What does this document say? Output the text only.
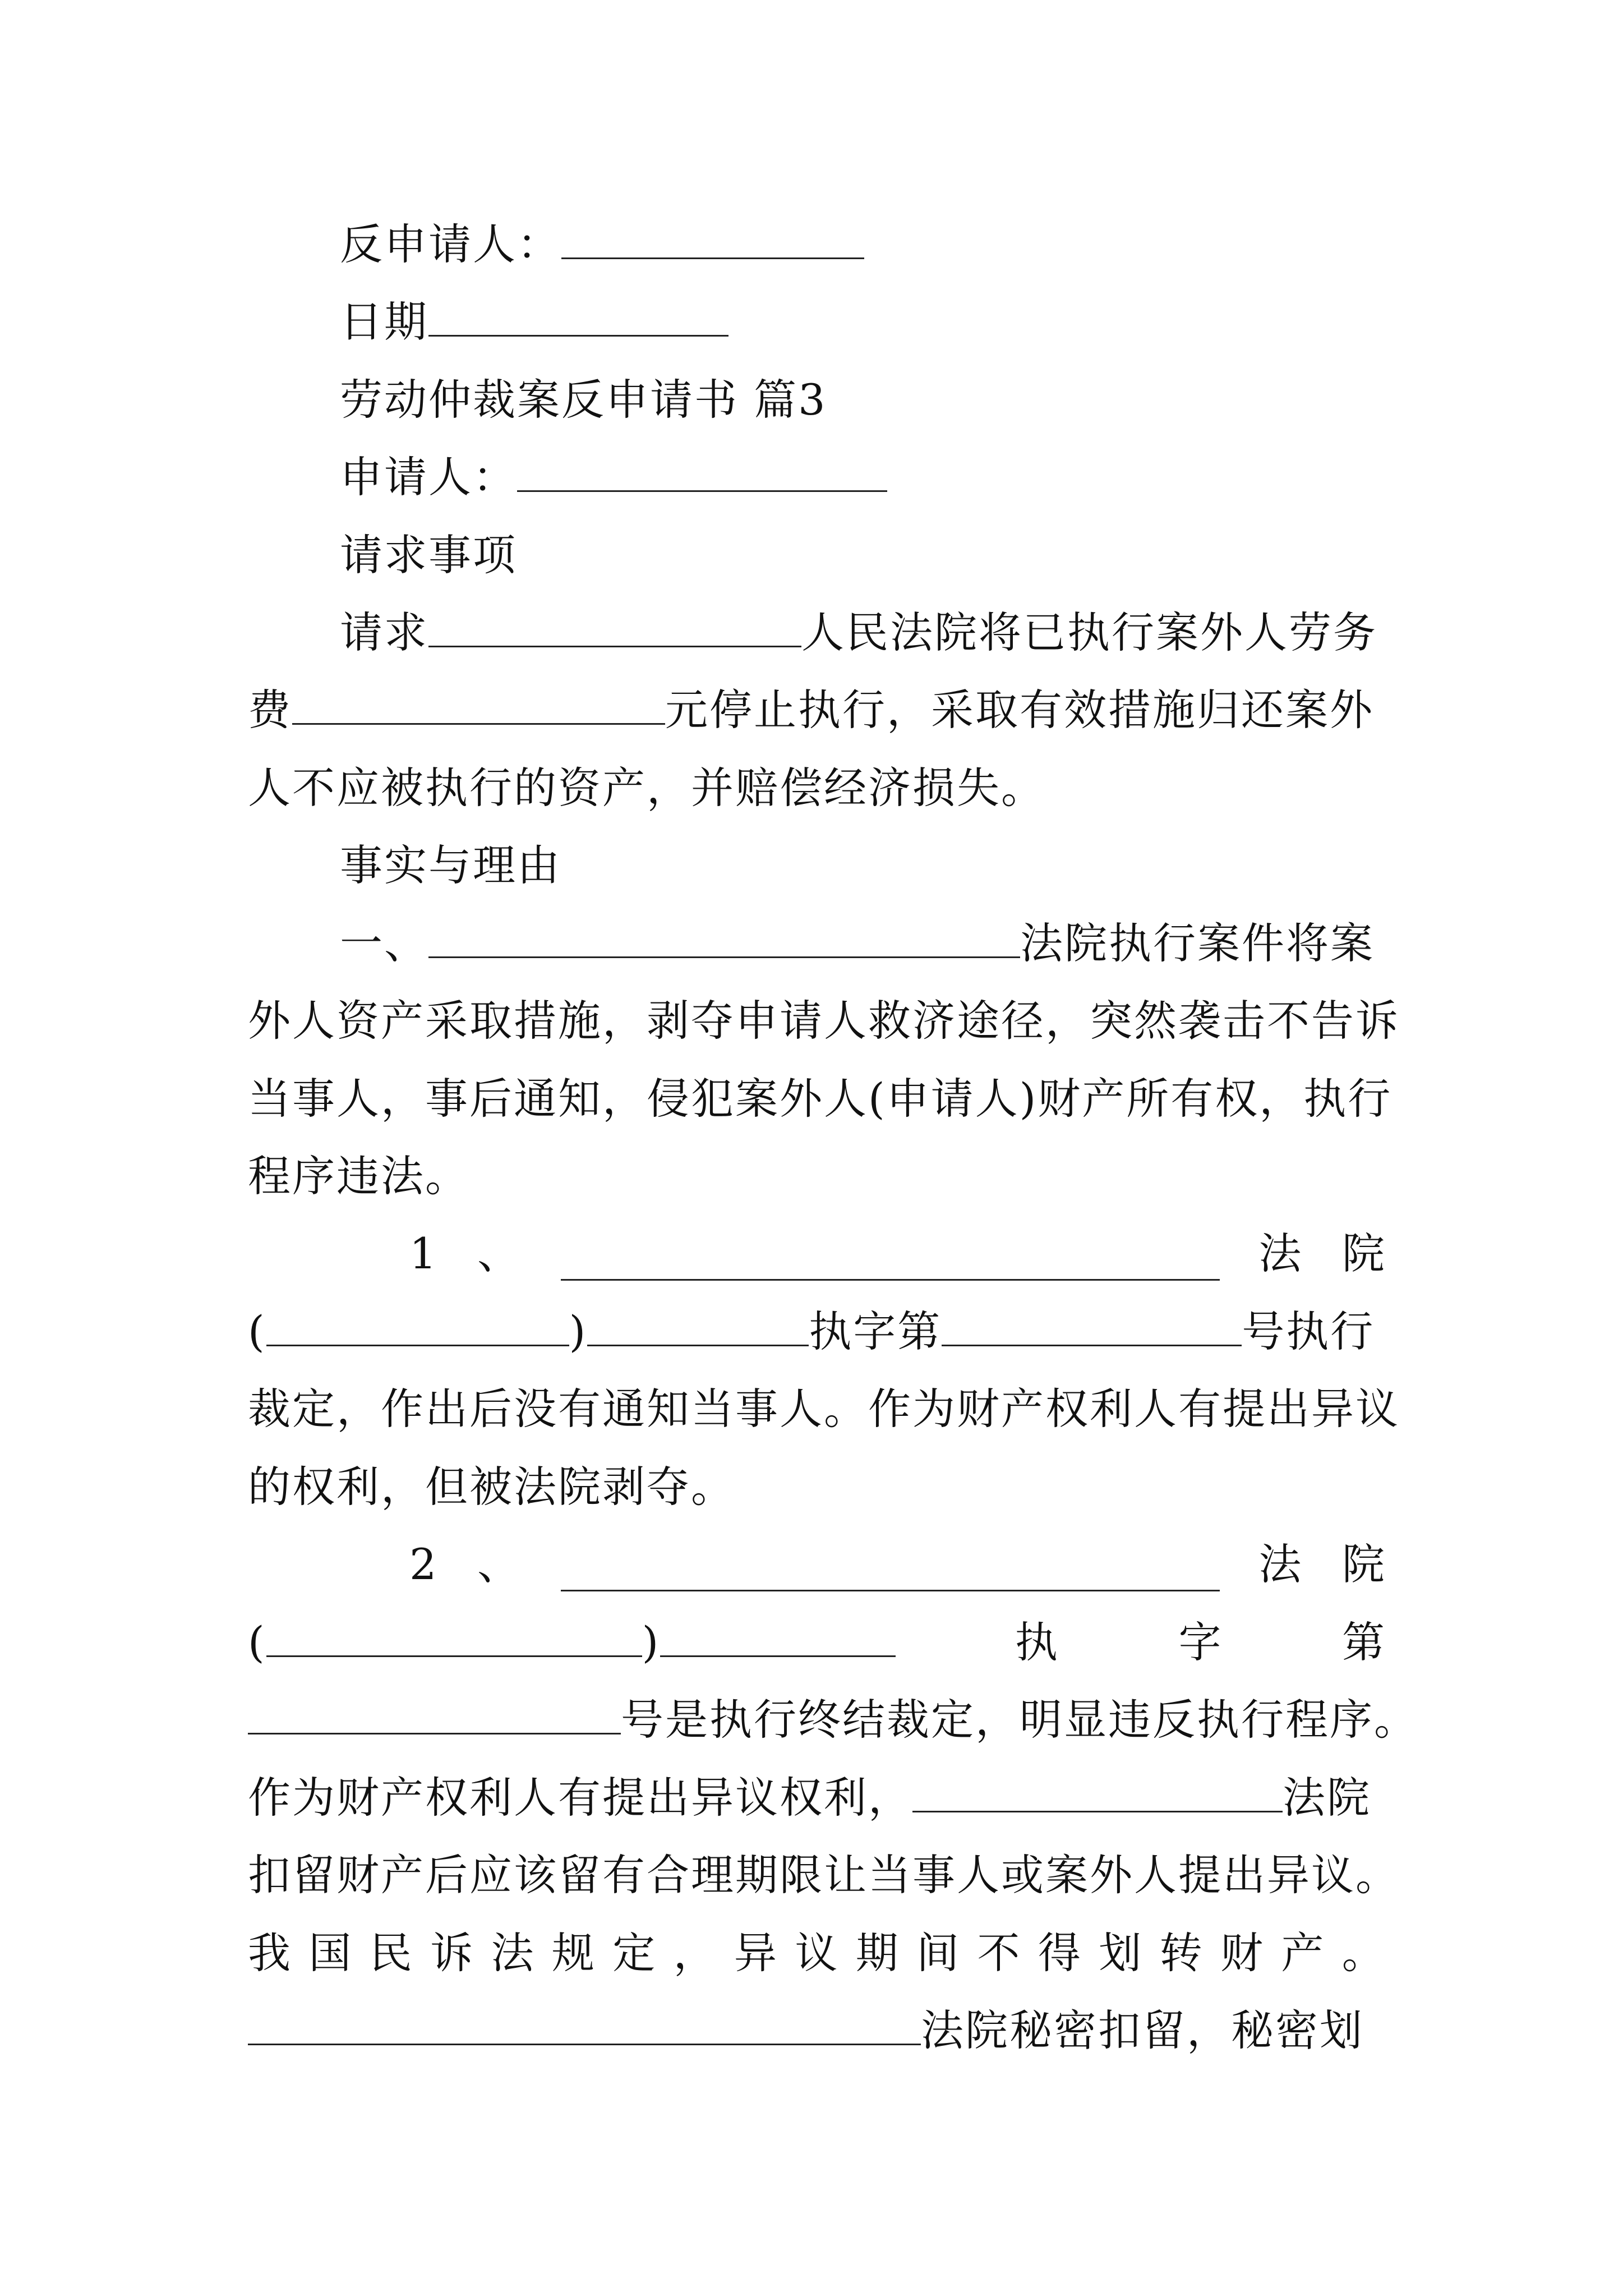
反申请人：
日期
劳动仲裁案反申请书 篇3
申请人：
请求事项
请求	人民法院将已执行案外人劳务
费	元停止执行，采取有效措施归还案外
人不应被执行的资产，并赔偿经济损失。
事实与理由
一、	法院执行案件将案
外人资产采取措施，剥夺申请人救济途径，突然袭击不告诉
当事人，事后通知，侵犯案外人(申请人)财产所有权，执行
程序违法。
1 、	法 院
(	)	执字第	号执行
裁定，作出后没有通知当事人。作为财产权利人有提出异议
的权利，但被法院剥夺。
2 、	法 院
(	)	执	字	第
号是执行终结裁定，明显违反执行程序。
作为财产权利人有提出异议权利，	法院
扣留财产后应该留有合理期限让当事人或案外人提出异议。
我 国 民 诉 法 规 定 ， 异 议 期 间 不 得 划 转 财 产 。
法院秘密扣留，秘密划
